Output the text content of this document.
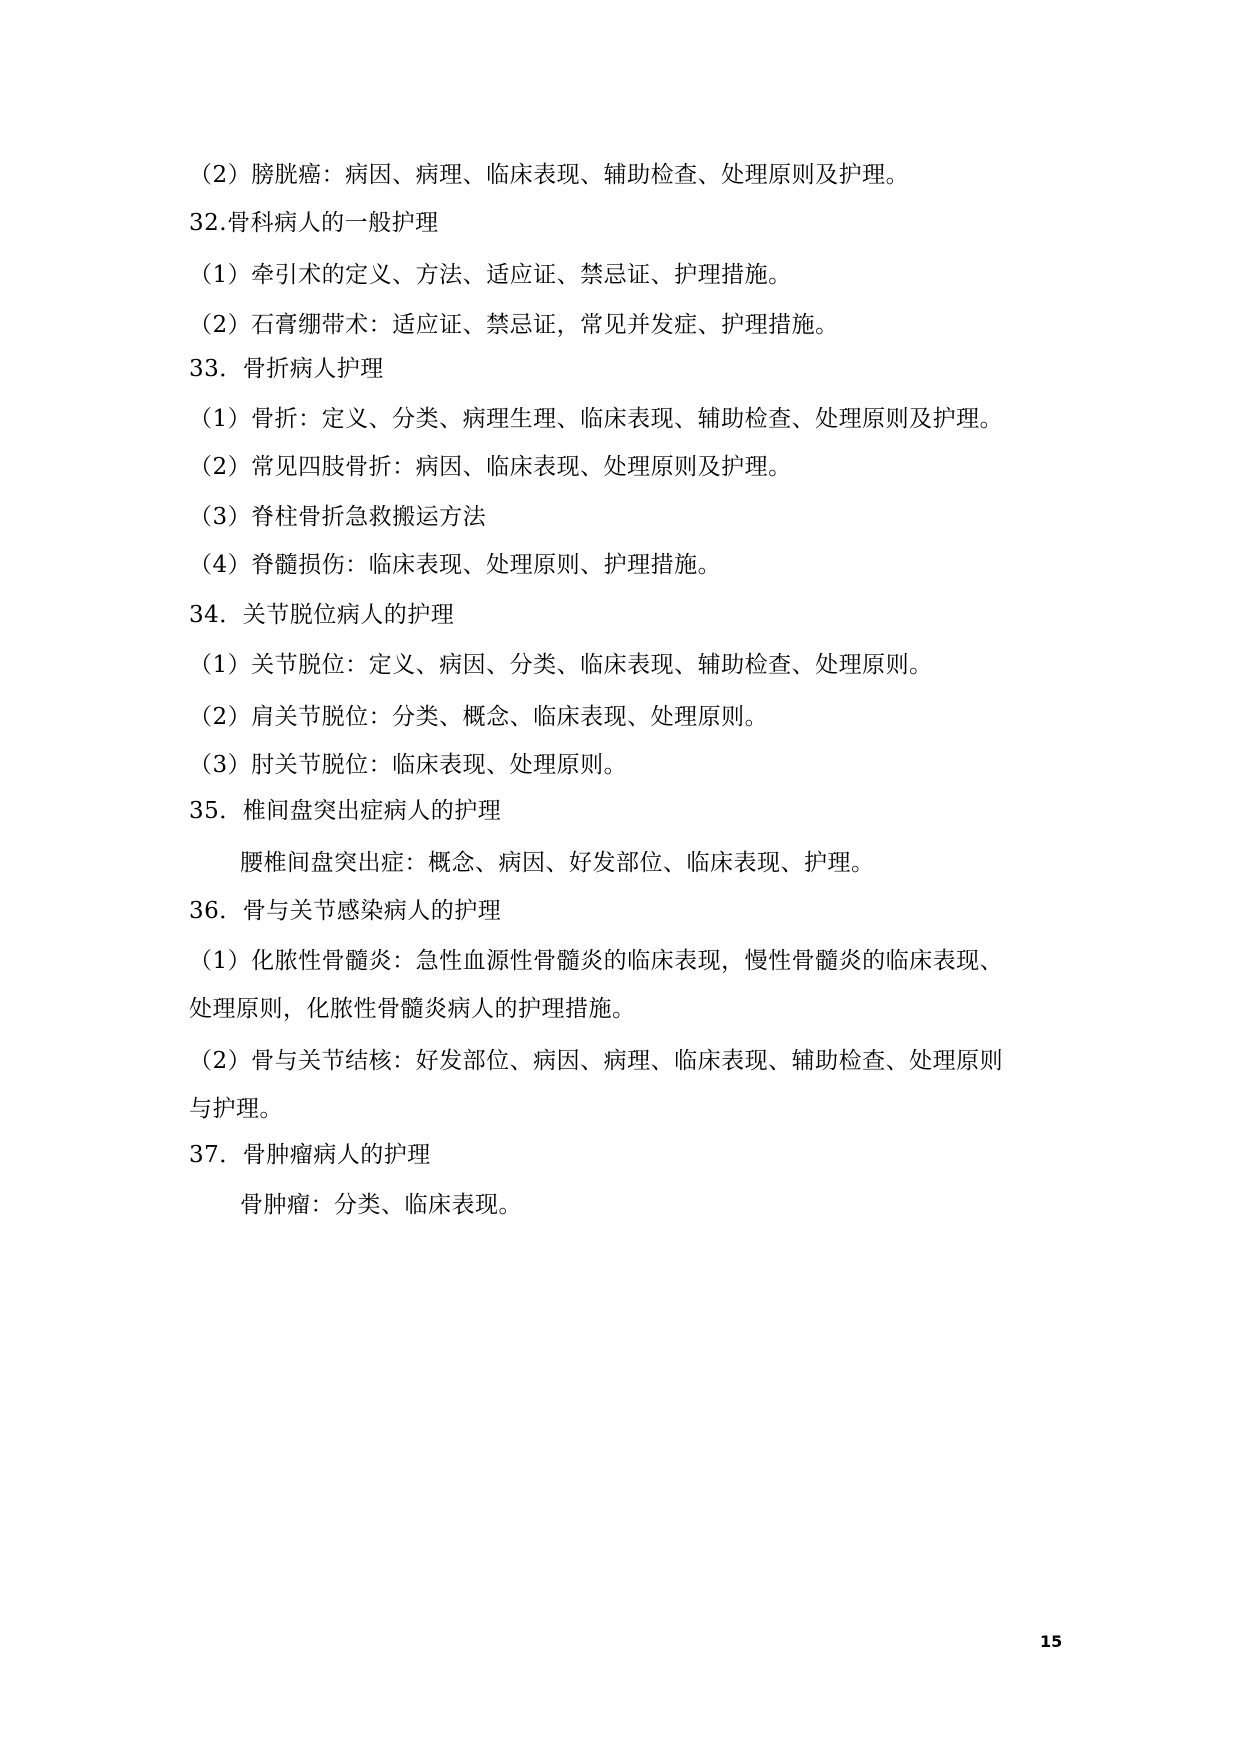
（2）膀胱癌：病因、病理、临床表现、辅助检查、处理原则及护理。
32.骨科病人的一般护理
（1）牵引术的定义、方法、适应证、禁忌证、护理措施。
（2）石膏绷带术：适应证、禁忌证，常见并发症、护理措施。
33．骨折病人护理
（1）骨折：定义、分类、病理生理、临床表现、辅助检查、处理原则及护理。
（2）常见四肢骨折：病因、临床表现、处理原则及护理。
（3）脊柱骨折急救搬运方法
（4）脊髓损伤：临床表现、处理原则、护理措施。
34．关节脱位病人的护理
（1）关节脱位：定义、病因、分类、临床表现、辅助检查、处理原则。
（2）肩关节脱位：分类、概念、临床表现、处理原则。
（3）肘关节脱位：临床表现、处理原则。
35．椎间盘突出症病人的护理
腰椎间盘突出症：概念、病因、好发部位、临床表现、护理。
36．骨与关节感染病人的护理
（1）化脓性骨髓炎：急性血源性骨髓炎的临床表现，慢性骨髓炎的临床表现、
处理原则，化脓性骨髓炎病人的护理措施。
（2）骨与关节结核：好发部位、病因、病理、临床表现、辅助检查、处理原则
与护理。
37．骨肿瘤病人的护理
骨肿瘤：分类、临床表现。
15
